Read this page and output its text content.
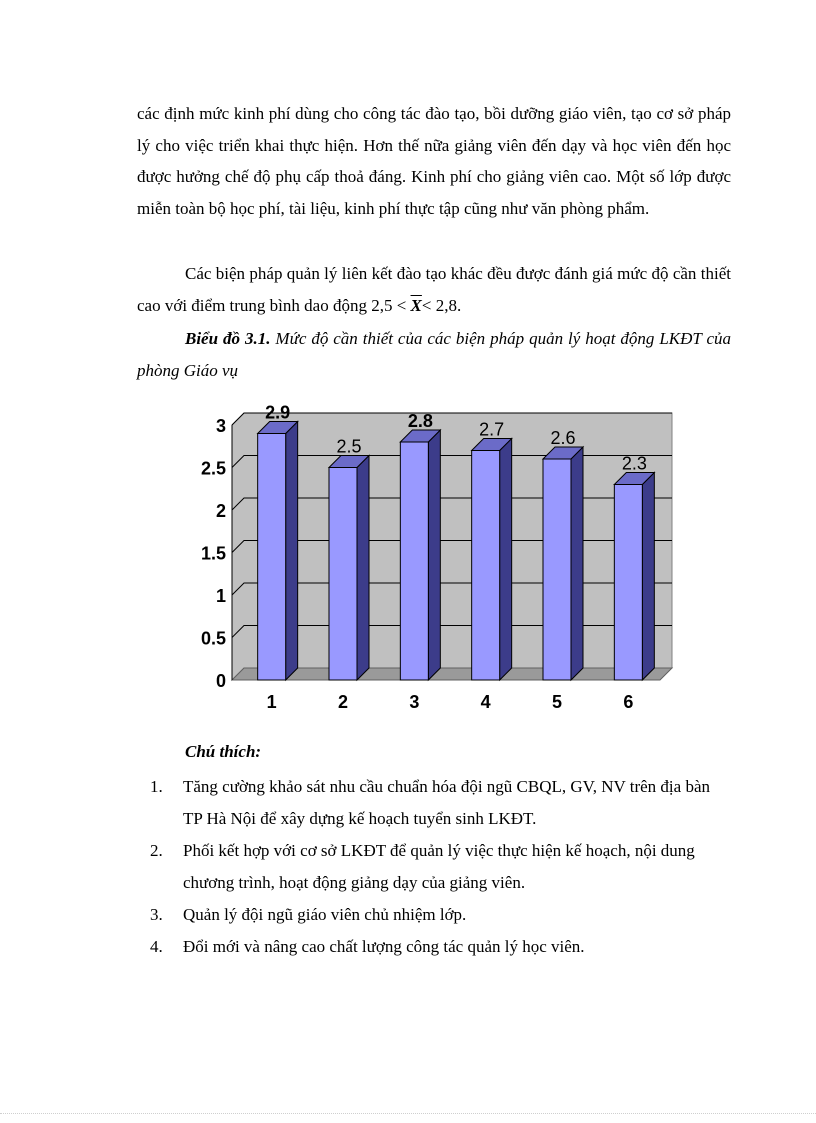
các định mức kinh phí dùng cho công tác đào tạo, bồi dưỡng giáo viên, tạo cơ sở pháp lý cho việc triển khai thực hiện. Hơn thế nữa giảng viên đến dạy và học viên đến học được hưởng chế độ phụ cấp thoả đáng. Kinh phí cho giảng viên cao. Một số lớp được miễn toàn bộ học phí, tài liệu, kinh phí thực tập cũng như văn phòng phẩm.

Các biện pháp quản lý liên kết đào tạo khác đều được đánh giá mức độ cần thiết cao với điểm trung bình dao động $2,5 < \overline{X}< 2,8$.

Biểu đồ 3.1. Mức độ cần thiết của các biện pháp quản lý hoạt động LKĐT của phòng Giáo vụ

0
0.5
1
1.5
2
2.5
3
2.9
1
2.5
2
2.8
3
2.7
4
2.6
5
2.3
6

Chú thích:

1. Tăng cường khảo sát nhu cầu chuẩn hóa đội ngũ CBQL, GV, NV trên địa bàn TP Hà Nội để xây dựng kế hoạch tuyển sinh LKĐT.
2. Phối kết hợp với cơ sở LKĐT để quản lý việc thực hiện kế hoạch, nội dung chương trình, hoạt động giảng dạy của giảng viên.
3. Quản lý đội ngũ giáo viên chủ nhiệm lớp.
4. Đổi mới và nâng cao chất lượng công tác quản lý học viên.
